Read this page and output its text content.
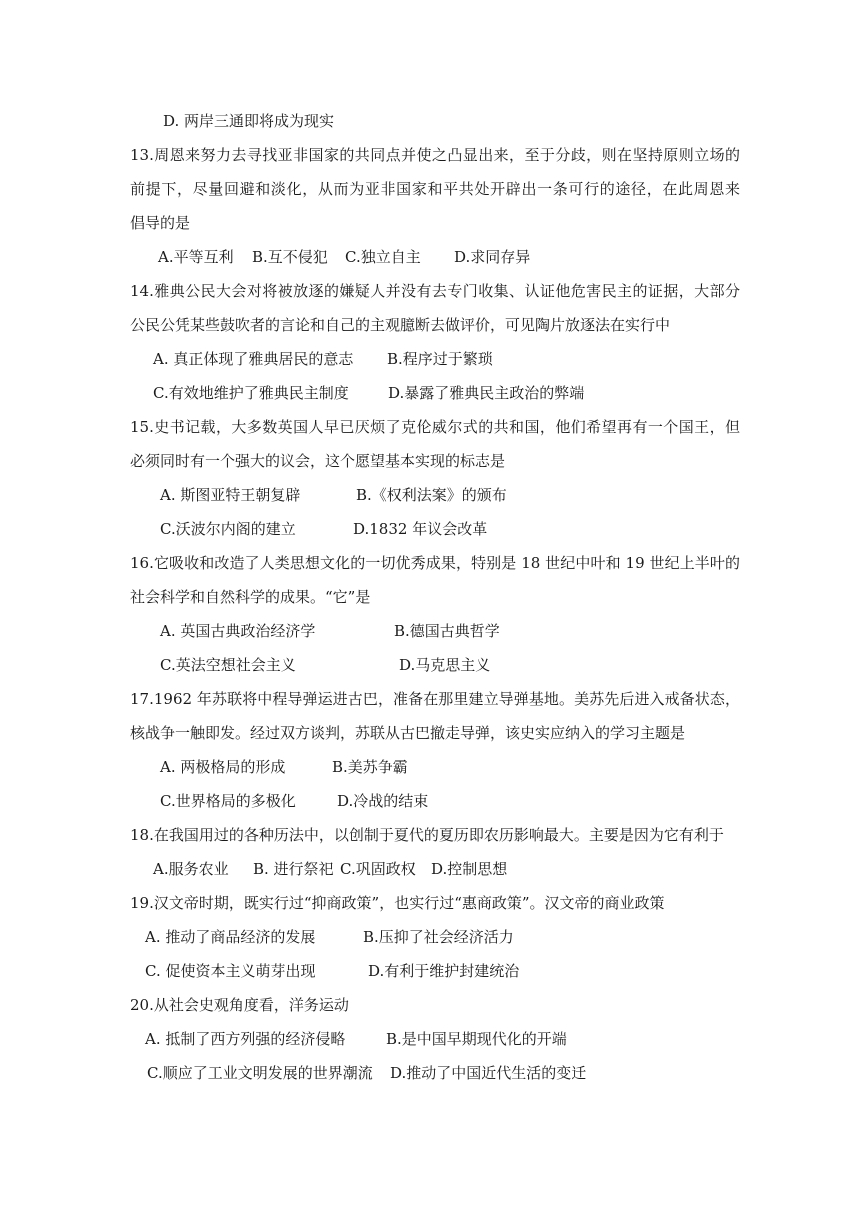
D. 两岸三通即将成为现实
13.周恩来努力去寻找亚非国家的共同点并使之凸显出来，至于分歧，则在坚持原则立场的
前提下，尽量回避和淡化，从而为亚非国家和平共处开辟出一条可行的途径，在此周恩来
倡导的是
A.平等互利 B.互不侵犯 C.独立自主 D.求同存异
14.雅典公民大会对将被放逐的嫌疑人并没有去专门收集、认证他危害民主的证据，大部分
公民公凭某些鼓吹者的言论和自己的主观臆断去做评价，可见陶片放逐法在实行中
A. 真正体现了雅典居民的意志 B.程序过于繁琐
C.有效地维护了雅典民主制度	D.暴露了雅典民主政治的弊端
15.史书记载，大多数英国人早已厌烦了克伦威尔式的共和国，他们希望再有一个国王，但
必须同时有一个强大的议会，这个愿望基本实现的标志是
A. 斯图亚特王朝复辟	B.《权利法案》的颁布
C.沃波尔内阁的建立	D.1832 年议会改革
16.它吸收和改造了人类思想文化的一切优秀成果，特别是 18 世纪中叶和 19 世纪上半叶的
社会科学和自然科学的成果。“它”是
A. 英国古典政治经济学	B.德国古典哲学
C.英法空想社会主义	D.马克思主义
17.1962 年苏联将中程导弹运进古巴，准备在那里建立导弹基地。美苏先后进入戒备状态，
核战争一触即发。经过双方谈判，苏联从古巴撤走导弹，该史实应纳入的学习主题是
A. 两极格局的形成	B.美苏争霸
C.世界格局的多极化	D.冷战的结束
18.在我国用过的各种历法中，以创制于夏代的夏历即农历影响最大。主要是因为它有利于
A.服务农业 B. 进行祭祀 C.巩固政权 D.控制思想
19.汉文帝时期，既实行过“抑商政策”，也实行过“惠商政策”。汉文帝的商业政策
A. 推动了商品经济的发展	B.压抑了社会经济活力
C. 促使资本主义萌芽出现	D.有利于维护封建统治
20.从社会史观角度看，洋务运动
A. 抵制了西方列强的经济侵略	B.是中国早期现代化的开端
C.顺应了工业文明发展的世界潮流 D.推动了中国近代生活的变迁
